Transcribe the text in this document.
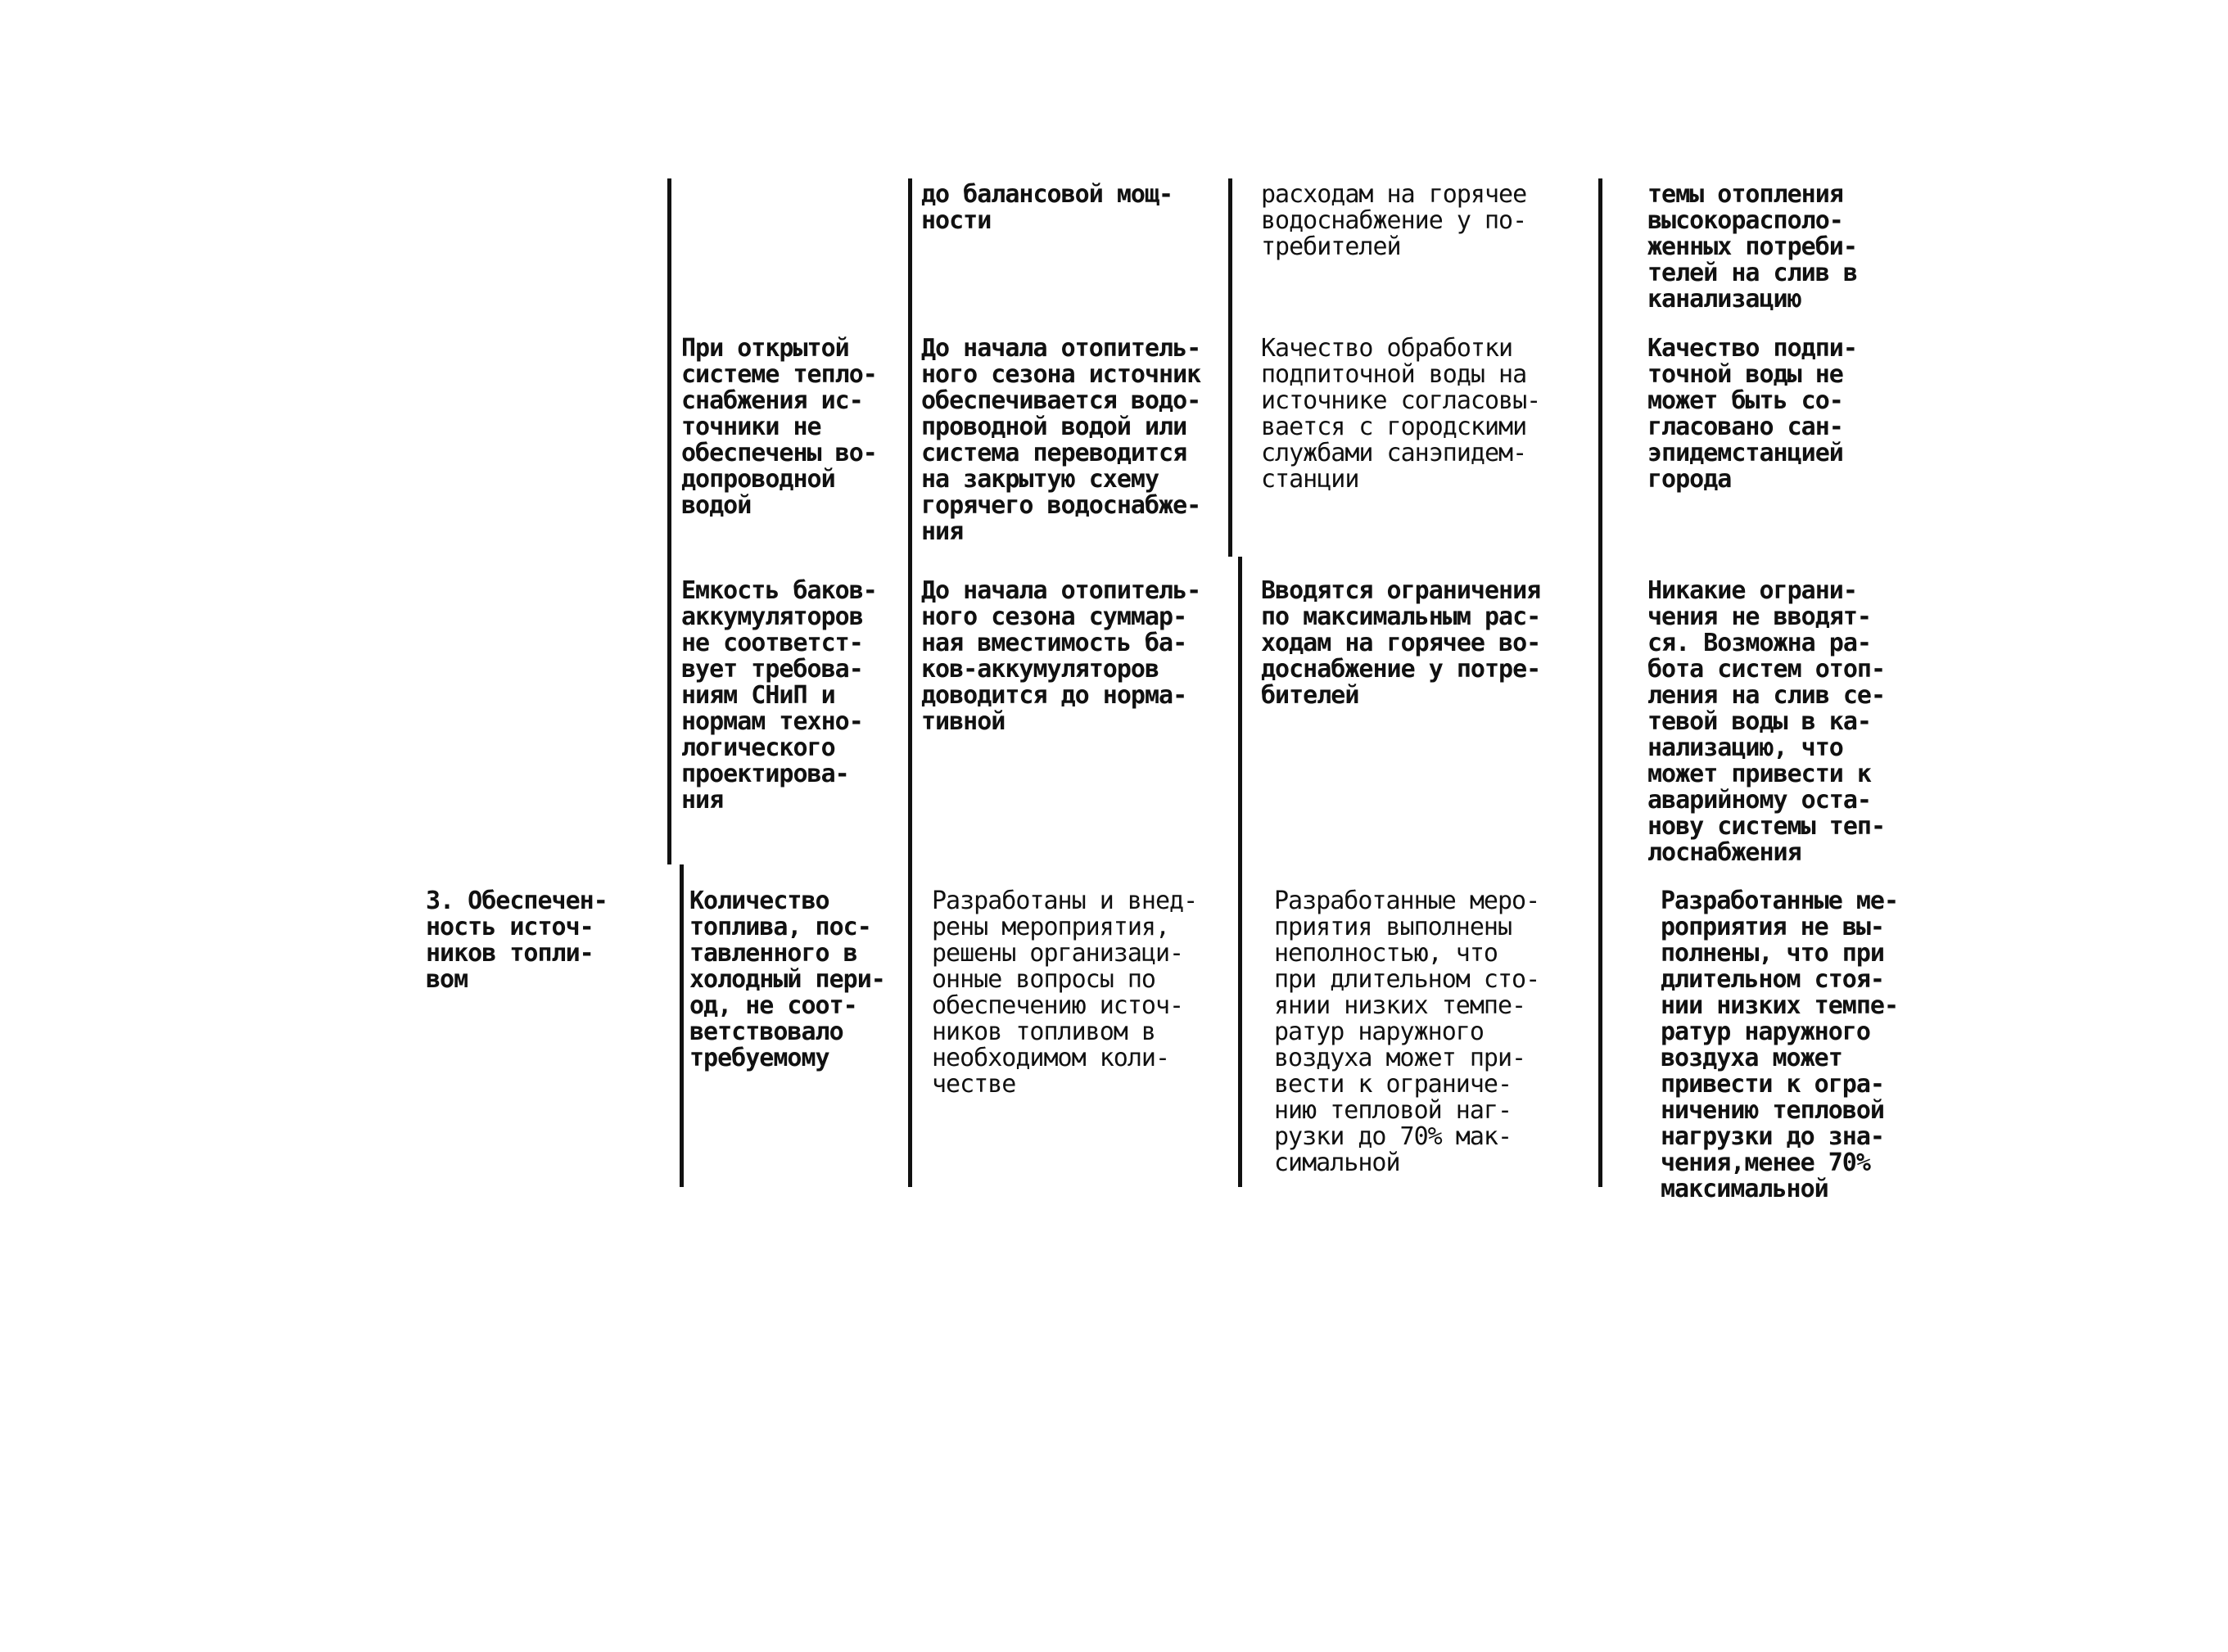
до балансовой мощ-
ности
расходам на горячее
водоснабжение у по-
требителей
темы отопления
высокорасполо-
женных потреби-
телей на слив в
канализацию
При открытой
системе тепло-
снабжения ис-
точники не
обеспечены во-
допроводной
водой
До начала отопитель-
ного сезона источник
обеспечивается водо-
проводной водой или
система переводится
на закрытую схему
горячего водоснабже-
ния
Качество обработки
подпиточной воды на
источнике согласовы-
вается с городскими
службами санэпидем-
станции
Качество подпи-
точной воды не
может быть со-
гласовано сан-
эпидемстанцией
города
Емкость баков-
аккумуляторов
не соответст-
вует требова-
ниям СНиП и
нормам техно-
логического
проектирова-
ния
До начала отопитель-
ного сезона суммар-
ная вместимость ба-
ков-аккумуляторов
доводится до норма-
тивной
Вводятся ограничения
по максимальным рас-
ходам на горячее во-
доснабжение у потре-
бителей
Никакие ограни-
чения не вводят-
ся. Возможна ра-
бота систем отоп-
ления на слив се-
тевой воды в ка-
нализацию, что
может привести к
аварийному оста-
нову системы теп-
лоснабжения
3. Обеспечен-
ность источ-
ников топли-
вом
Количество
топлива, пос-
тавленного в
холодный пери-
од, не соот-
ветствовало
требуемому
Разработаны и внед-
рены мероприятия,
решены организаци-
онные вопросы по
обеспечению источ-
ников топливом в
необходимом коли-
честве
Разработанные меро-
приятия выполнены
неполностью, что
при длительном сто-
янии низких темпе-
ратур наружного
воздуха может при-
вести к ограниче-
нию тепловой наг-
рузки до 70% мак-
симальной
Разработанные ме-
роприятия не вы-
полнены, что при
длительном стоя-
нии низких темпе-
ратур наружного
воздуха может
привести к огра-
ничению тепловой
нагрузки до зна-
чения,менее 70%
максимальной
